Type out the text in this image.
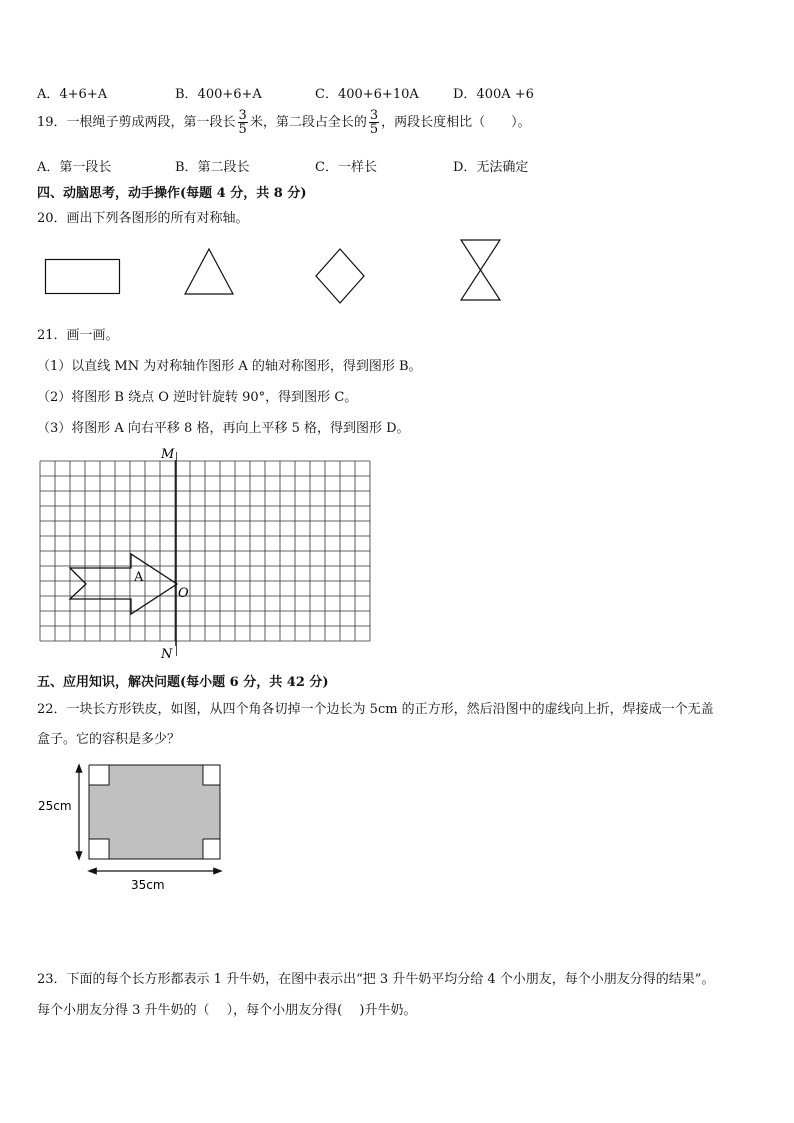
A．4+6+A	B．400+6+A	C．400+6+10A	D．400A +6
19．一根绳子剪成两段，第一段长 $\frac{3}{5}$ 米，第二段占全长的 $\frac{3}{5}$ ，两段长度相比（　　）。
A．第一段长	B．第二段长	C．一样长	D．无法确定
四、动脑思考，动手操作(每题 4 分，共 8 分)
20．画出下列各图形的所有对称轴。
21．画一画。
（1）以直线 MN 为对称轴作图形 A 的轴对称图形，得到图形 B。
（2）将图形 B 绕点 O 逆时针旋转 90°，得到图形 C。
（3）将图形 A 向右平移 8 格，再向上平移 5 格，得到图形 D。
M
N
O
A
五、应用知识，解决问题(每小题 6 分，共 42 分)
22．一块长方形铁皮，如图，从四个角各切掉一个边长为 5cm 的正方形，然后沿图中的虚线向上折，焊接成一个无盖
盒子。它的容积是多少？
25cm
35cm
23．下面的每个长方形都表示 1 升牛奶，在图中表示出“把 3 升牛奶平均分给 4 个小朋友，每个小朋友分得的结果”。
每个小朋友分得 3 升牛奶的（　 ），每个小朋友分得(　 )升牛奶。
